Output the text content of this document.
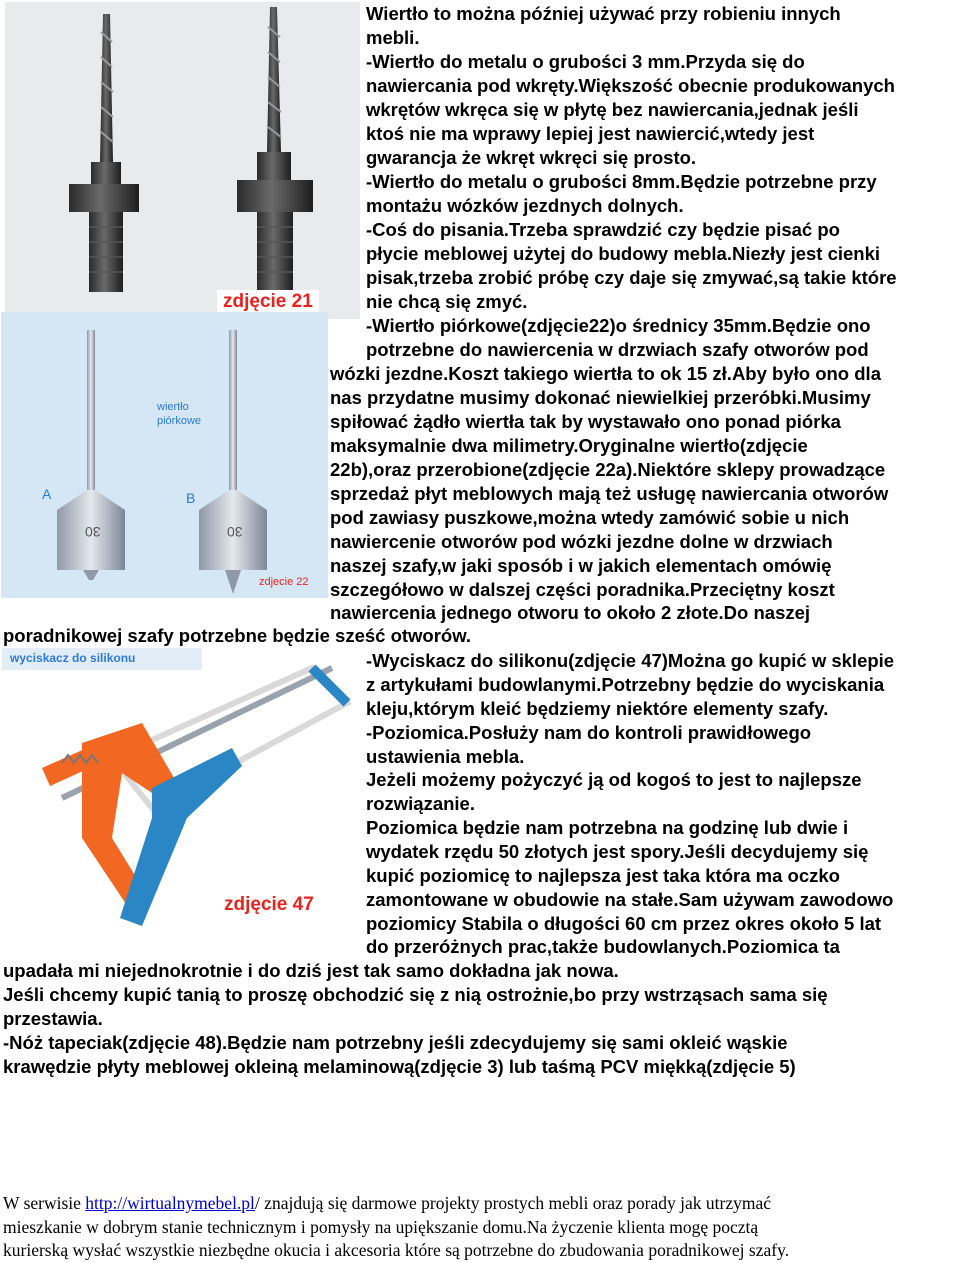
zdjęcie 21
30	30
A	B
wiertło
piórkowe
zdjecie 22
wyciskacz do silikonu
zdjęcie 47
Wiertło to można później używać przy robieniu innych
mebli.
-Wiertło do metalu o grubości 3 mm.Przyda się do
nawiercania pod wkręty.Większość obecnie produkowanych
wkrętów wkręca się w płytę bez nawiercania,jednak jeśli
ktoś nie ma wprawy lepiej jest nawiercić,wtedy jest
gwarancja że wkręt wkręci się prosto.
-Wiertło do metalu o grubości 8mm.Będzie potrzebne przy
montażu wózków jezdnych dolnych.
-Coś do pisania.Trzeba sprawdzić czy będzie pisać po
płycie meblowej użytej do budowy mebla.Niezły jest cienki
pisak,trzeba zrobić próbę czy daje się zmywać,są takie które
nie chcą się zmyć.
-Wiertło piórkowe(zdjęcie22)o średnicy 35mm.Będzie ono
potrzebne do nawiercenia w drzwiach szafy otworów pod
wózki jezdne.Koszt takiego wiertła to ok 15 zł.Aby było ono dla
nas przydatne musimy dokonać niewielkiej przeróbki.Musimy
spiłować żądło wiertła tak by wystawało ono ponad piórka
maksymalnie dwa milimetry.Oryginalne wiertło(zdjęcie
22b),oraz przerobione(zdjęcie 22a).Niektóre sklepy prowadzące
sprzedaż płyt meblowych mają też usługę nawiercania otworów
pod zawiasy puszkowe,można wtedy zamówić sobie u nich
nawiercenie otworów pod wózki jezdne dolne w drzwiach
naszej szafy,w jaki sposób i w jakich elementach omówię
szczegółowo w dalszej części poradnika.Przeciętny koszt
nawiercenia jednego otworu to około 2 złote.Do naszej
poradnikowej szafy potrzebne będzie sześć otworów.
-Wyciskacz do silikonu(zdjęcie 47)Można go kupić w sklepie
z artykułami budowlanymi.Potrzebny będzie do wyciskania
kleju,którym kleić będziemy niektóre elementy szafy.
-Poziomica.Posłuży nam do kontroli prawidłowego
ustawienia mebla.
Jeżeli możemy pożyczyć ją od kogoś to jest to najlepsze
rozwiązanie.
Poziomica będzie nam potrzebna na godzinę lub dwie i
wydatek rzędu 50 złotych jest spory.Jeśli decydujemy się
kupić poziomicę to najlepsza jest taka która ma oczko
zamontowane w obudowie na stałe.Sam używam zawodowo
poziomicy Stabila o długości 60 cm przez okres około 5 lat
do przeróżnych prac,także budowlanych.Poziomica ta
upadała mi niejednokrotnie i do dziś jest tak samo dokładna jak nowa.
Jeśli chcemy kupić tanią to proszę obchodzić się z nią ostrożnie,bo przy wstrząsach sama się
przestawia.
-Nóż tapeciak(zdjęcie 48).Będzie nam potrzebny jeśli zdecydujemy się sami okleić wąskie
krawędzie płyty meblowej okleiną melaminową(zdjęcie 3) lub taśmą PCV miękką(zdjęcie 5)
W serwisie http://wirtualnymebel.pl/ znajdują się darmowe projekty prostych mebli oraz porady jak utrzymać
mieszkanie w dobrym stanie technicznym i pomysły na upiększanie domu.Na życzenie klienta mogę pocztą
kurierską wysłać wszystkie niezbędne okucia i akcesoria które są potrzebne do zbudowania poradnikowej szafy.
